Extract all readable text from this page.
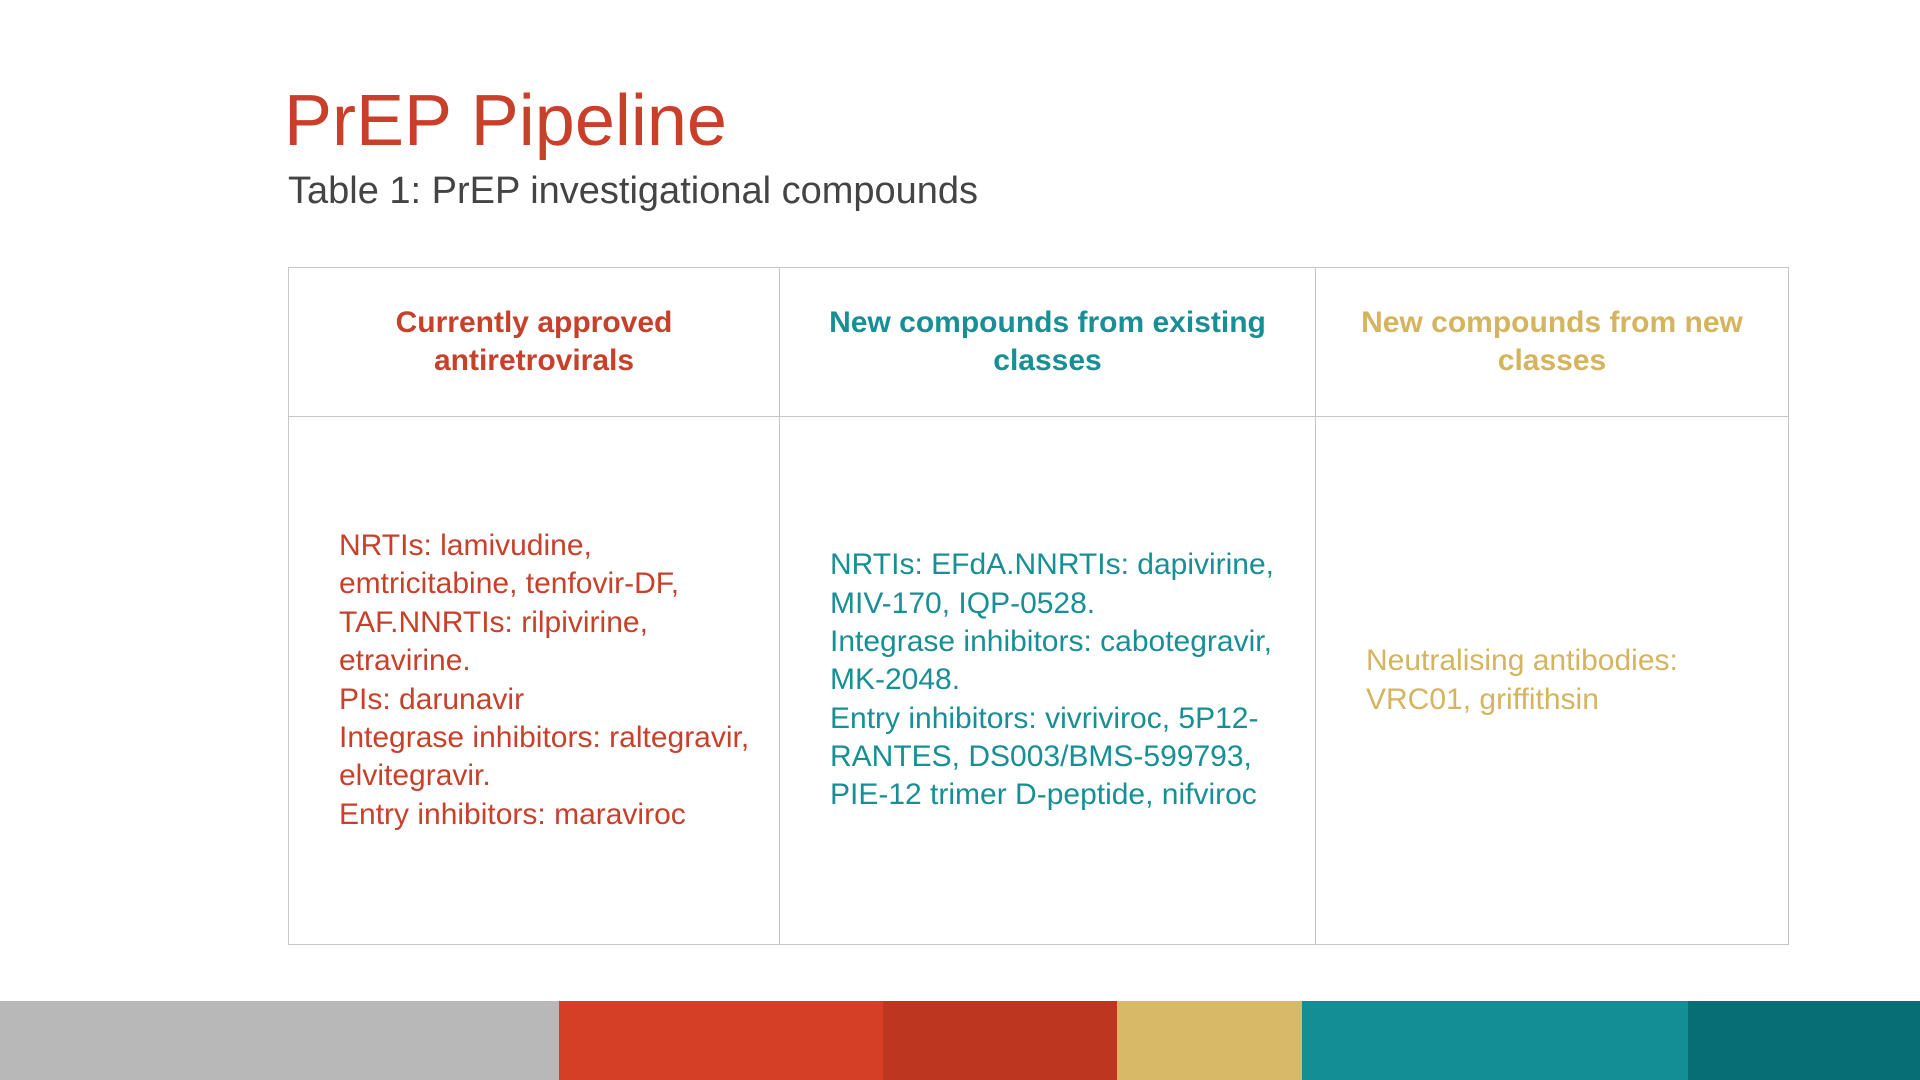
PrEP Pipeline
Table 1: PrEP investigational compounds
Currently approved antiretrovirals	New compounds from existing classes	New compounds from new classes

NRTIs: lamivudine, emtricitabine, tenfovir-DF, TAF.NNRTIs: rilpivirine, etravirine.
PIs: darunavir
Integrase inhibitors: raltegravir, elvitegravir.
Entry inhibitors: maraviroc	NRTIs: EFdA.NNRTIs: dapivirine, MIV-170, IQP-0528.
Integrase inhibitors: cabotegravir, MK-2048.
Entry inhibitors: vivriviroc, 5P12-RANTES, DS003/BMS-599793, PIE-12 trimer D-peptide, nifviroc	Neutralising antibodies: VRC01, griffithsin
